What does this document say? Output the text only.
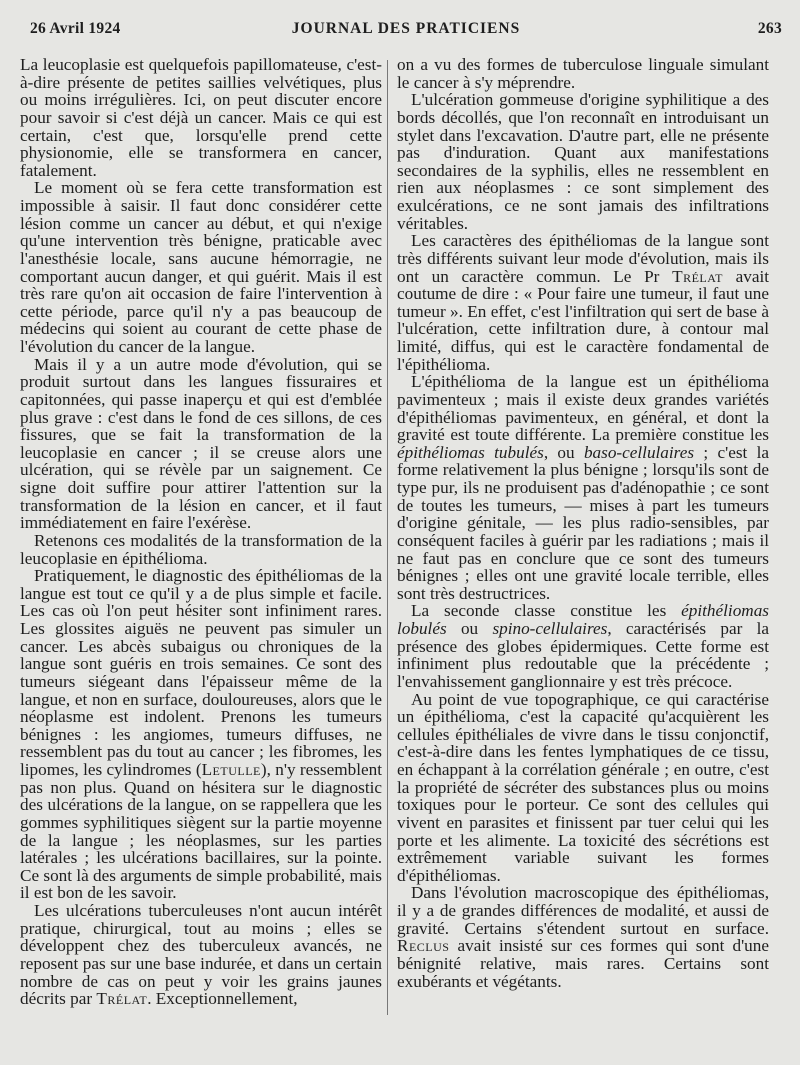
26 Avril 1924	JOURNAL DES PRATICIENS	263

La leucoplasie est quelquefois papillomateuse, c'est-à-dire présente de petites saillies velvétiques, plus ou moins irrégulières. Ici, on peut discuter encore pour savoir si c'est déjà un cancer. Mais ce qui est certain, c'est que, lorsqu'elle prend cette physionomie, elle se transformera en cancer, fatalement.

Le moment où se fera cette transformation est impossible à saisir. Il faut donc considérer cette lésion comme un cancer au début, et qui n'exige qu'une intervention très bénigne, praticable avec l'anesthésie locale, sans aucune hémorragie, ne comportant aucun danger, et qui guérit. Mais il est très rare qu'on ait occasion de faire l'intervention à cette période, parce qu'il n'y a pas beaucoup de médecins qui soient au courant de cette phase de l'évolution du cancer de la langue.

Mais il y a un autre mode d'évolution, qui se produit surtout dans les langues fissuraires et capitonnées, qui passe inaperçu et qui est d'emblée plus grave : c'est dans le fond de ces sillons, de ces fissures, que se fait la transformation de la leucoplasie en cancer ; il se creuse alors une ulcération, qui se révèle par un saignement. Ce signe doit suffire pour attirer l'attention sur la transformation de la lésion en cancer, et il faut immédiatement en faire l'exérèse.

Retenons ces modalités de la transformation de la leucoplasie en épithélioma.

Pratiquement, le diagnostic des épithéliomas de la langue est tout ce qu'il y a de plus simple et facile. Les cas où l'on peut hésiter sont infiniment rares. Les glossites aiguës ne peuvent pas simuler un cancer. Les abcès subaigus ou chroniques de la langue sont guéris en trois semaines. Ce sont des tumeurs siégeant dans l'épaisseur même de la langue, et non en surface, douloureuses, alors que le néoplasme est indolent. Prenons les tumeurs bénignes : les angiomes, tumeurs diffuses, ne ressemblent pas du tout au cancer ; les fibromes, les lipomes, les cylindromes (Letulle), n'y ressemblent pas non plus. Quand on hésitera sur le diagnostic des ulcérations de la langue, on se rappellera que les gommes syphilitiques siègent sur la partie moyenne de la langue ; les néoplasmes, sur les parties latérales ; les ulcérations bacillaires, sur la pointe. Ce sont là des arguments de simple probabilité, mais il est bon de les savoir.

Les ulcérations tuberculeuses n'ont aucun intérêt pratique, chirurgical, tout au moins ; elles se développent chez des tuberculeux avancés, ne reposent pas sur une base indurée, et dans un certain nombre de cas on peut y voir les grains jaunes décrits par Trélat. Exceptionnellement,

on a vu des formes de tuberculose linguale simulant le cancer à s'y méprendre.

L'ulcération gommeuse d'origine syphilitique a des bords décollés, que l'on reconnaît en introduisant un stylet dans l'excavation. D'autre part, elle ne présente pas d'induration. Quant aux manifestations secondaires de la syphilis, elles ne ressemblent en rien aux néoplasmes : ce sont simplement des exulcérations, ce ne sont jamais des infiltrations véritables.

Les caractères des épithéliomas de la langue sont très différents suivant leur mode d'évolution, mais ils ont un caractère commun. Le Pr Trélat avait coutume de dire : « Pour faire une tumeur, il faut une tumeur ». En effet, c'est l'infiltration qui sert de base à l'ulcération, cette infiltration dure, à contour mal limité, diffus, qui est le caractère fondamental de l'épithélioma.

L'épithélioma de la langue est un épithélioma pavimenteux ; mais il existe deux grandes variétés d'épithéliomas pavimenteux, en général, et dont la gravité est toute différente. La première constitue les épithéliomas tubulés, ou baso-cellulaires ; c'est la forme relativement la plus bénigne ; lorsqu'ils sont de type pur, ils ne produisent pas d'adénopathie ; ce sont de toutes les tumeurs, — mises à part les tumeurs d'origine génitale, — les plus radio-sensibles, par conséquent faciles à guérir par les radiations ; mais il ne faut pas en conclure que ce sont des tumeurs bénignes ; elles ont une gravité locale terrible, elles sont très destructrices.

La seconde classe constitue les épithéliomas lobulés ou spino-cellulaires, caractérisés par la présence des globes épidermiques. Cette forme est infiniment plus redoutable que la précédente ; l'envahissement ganglionnaire y est très précoce.

Au point de vue topographique, ce qui caractérise un épithélioma, c'est la capacité qu'acquièrent les cellules épithéliales de vivre dans le tissu conjonctif, c'est-à-dire dans les fentes lymphatiques de ce tissu, en échappant à la corrélation générale ; en outre, c'est la propriété de sécréter des substances plus ou moins toxiques pour le porteur. Ce sont des cellules qui vivent en parasites et finissent par tuer celui qui les porte et les alimente. La toxicité des sécrétions est extrêmement variable suivant les formes d'épithéliomas.

Dans l'évolution macroscopique des épithéliomas, il y a de grandes différences de modalité, et aussi de gravité. Certains s'étendent surtout en surface. Reclus avait insisté sur ces formes qui sont d'une bénignité relative, mais rares. Certains sont exubérants et végétants.
